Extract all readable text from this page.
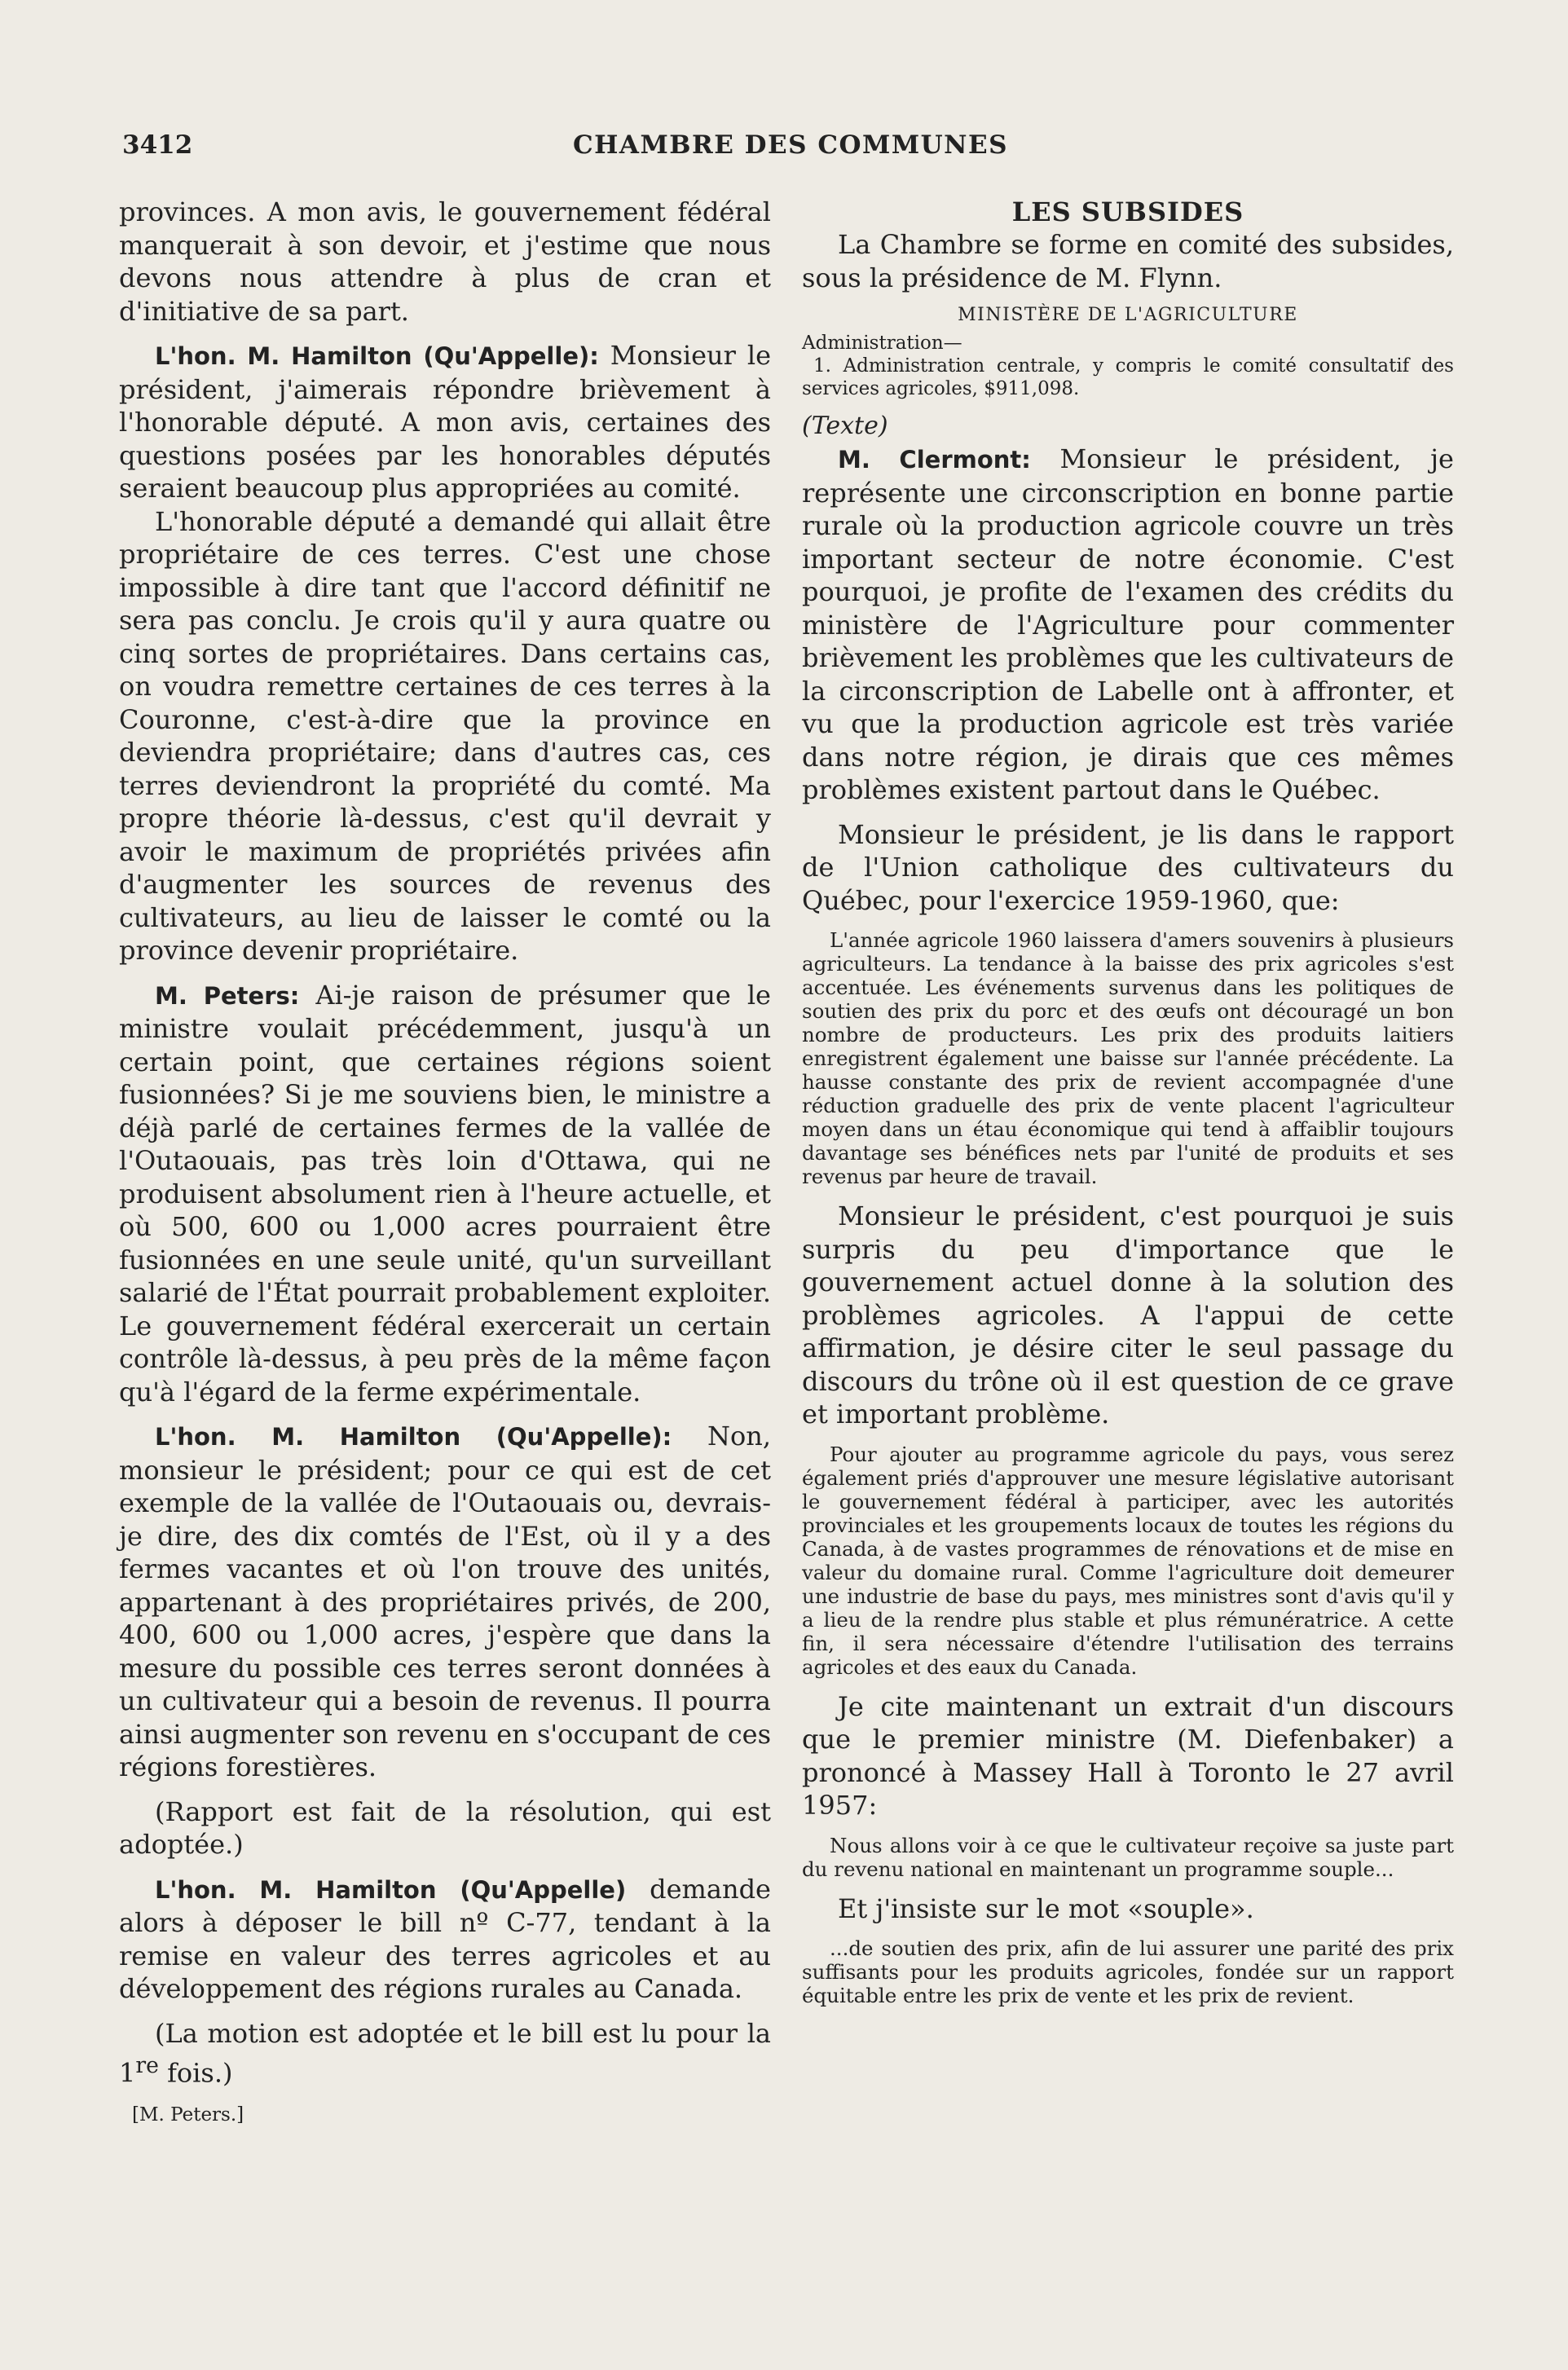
3412	CHAMBRE DES COMMUNES

provinces. A mon avis, le gouvernement fédéral manquerait à son devoir, et j'estime que nous devons nous attendre à plus de cran et d'initiative de sa part.

L'hon. M. Hamilton (Qu'Appelle): Monsieur le président, j'aimerais répondre brièvement à l'honorable député. A mon avis, certaines des questions posées par les honorables députés seraient beaucoup plus appropriées au comité.

L'honorable député a demandé qui allait être propriétaire de ces terres. C'est une chose impossible à dire tant que l'accord définitif ne sera pas conclu. Je crois qu'il y aura quatre ou cinq sortes de propriétaires. Dans certains cas, on voudra remettre certaines de ces terres à la Couronne, c'est-à-dire que la province en deviendra propriétaire; dans d'autres cas, ces terres deviendront la propriété du comté. Ma propre théorie là-dessus, c'est qu'il devrait y avoir le maximum de propriétés privées afin d'augmenter les sources de revenus des cultivateurs, au lieu de laisser le comté ou la province devenir propriétaire.

M. Peters: Ai-je raison de présumer que le ministre voulait précédemment, jusqu'à un certain point, que certaines régions soient fusionnées? Si je me souviens bien, le ministre a déjà parlé de certaines fermes de la vallée de l'Outaouais, pas très loin d'Ottawa, qui ne produisent absolument rien à l'heure actuelle, et où 500, 600 ou 1,000 acres pourraient être fusionnées en une seule unité, qu'un surveillant salarié de l'État pourrait probablement exploiter. Le gouvernement fédéral exercerait un certain contrôle là-dessus, à peu près de la même façon qu'à l'égard de la ferme expérimentale.

L'hon. M. Hamilton (Qu'Appelle): Non, monsieur le président; pour ce qui est de cet exemple de la vallée de l'Outaouais ou, devrais-je dire, des dix comtés de l'Est, où il y a des fermes vacantes et où l'on trouve des unités, appartenant à des propriétaires privés, de 200, 400, 600 ou 1,000 acres, j'espère que dans la mesure du possible ces terres seront données à un cultivateur qui a besoin de revenus. Il pourra ainsi augmenter son revenu en s'occupant de ces régions forestières.

(Rapport est fait de la résolution, qui est adoptée.)

L'hon. M. Hamilton (Qu'Appelle) demande alors à déposer le bill nº C-77, tendant à la remise en valeur des terres agricoles et au développement des régions rurales au Canada.

(La motion est adoptée et le bill est lu pour la 1re fois.)

[M. Peters.]
LES SUBSIDES

La Chambre se forme en comité des subsides, sous la présidence de M. Flynn.

MINISTÈRE DE L'AGRICULTURE
Administration—

1. Administration centrale, y compris le comité consultatif des services agricoles, $911,098.

(Texte)

M. Clermont: Monsieur le président, je représente une circonscription en bonne partie rurale où la production agricole couvre un très important secteur de notre économie. C'est pourquoi, je profite de l'examen des crédits du ministère de l'Agriculture pour commenter brièvement les problèmes que les cultivateurs de la circonscription de Labelle ont à affronter, et vu que la production agricole est très variée dans notre région, je dirais que ces mêmes problèmes existent partout dans le Québec.

Monsieur le président, je lis dans le rapport de l'Union catholique des cultivateurs du Québec, pour l'exercice 1959-1960, que:

L'année agricole 1960 laissera d'amers souvenirs à plusieurs agriculteurs. La tendance à la baisse des prix agricoles s'est accentuée. Les événements survenus dans les politiques de soutien des prix du porc et des œufs ont découragé un bon nombre de producteurs. Les prix des produits laitiers enregistrent également une baisse sur l'année précédente. La hausse constante des prix de revient accompagnée d'une réduction graduelle des prix de vente placent l'agriculteur moyen dans un étau économique qui tend à affaiblir toujours davantage ses bénéfices nets par l'unité de produits et ses revenus par heure de travail.

Monsieur le président, c'est pourquoi je suis surpris du peu d'importance que le gouvernement actuel donne à la solution des problèmes agricoles. A l'appui de cette affirmation, je désire citer le seul passage du discours du trône où il est question de ce grave et important problème.

Pour ajouter au programme agricole du pays, vous serez également priés d'approuver une mesure législative autorisant le gouvernement fédéral à participer, avec les autorités provinciales et les groupements locaux de toutes les régions du Canada, à de vastes programmes de rénovations et de mise en valeur du domaine rural. Comme l'agriculture doit demeurer une industrie de base du pays, mes ministres sont d'avis qu'il y a lieu de la rendre plus stable et plus rémunératrice. A cette fin, il sera nécessaire d'étendre l'utilisation des terrains agricoles et des eaux du Canada.

Je cite maintenant un extrait d'un discours que le premier ministre (M. Diefenbaker) a prononcé à Massey Hall à Toronto le 27 avril 1957:

Nous allons voir à ce que le cultivateur reçoive sa juste part du revenu national en maintenant un programme souple...

Et j'insiste sur le mot «souple».

...de soutien des prix, afin de lui assurer une parité des prix suffisants pour les produits agricoles, fondée sur un rapport équitable entre les prix de vente et les prix de revient.
